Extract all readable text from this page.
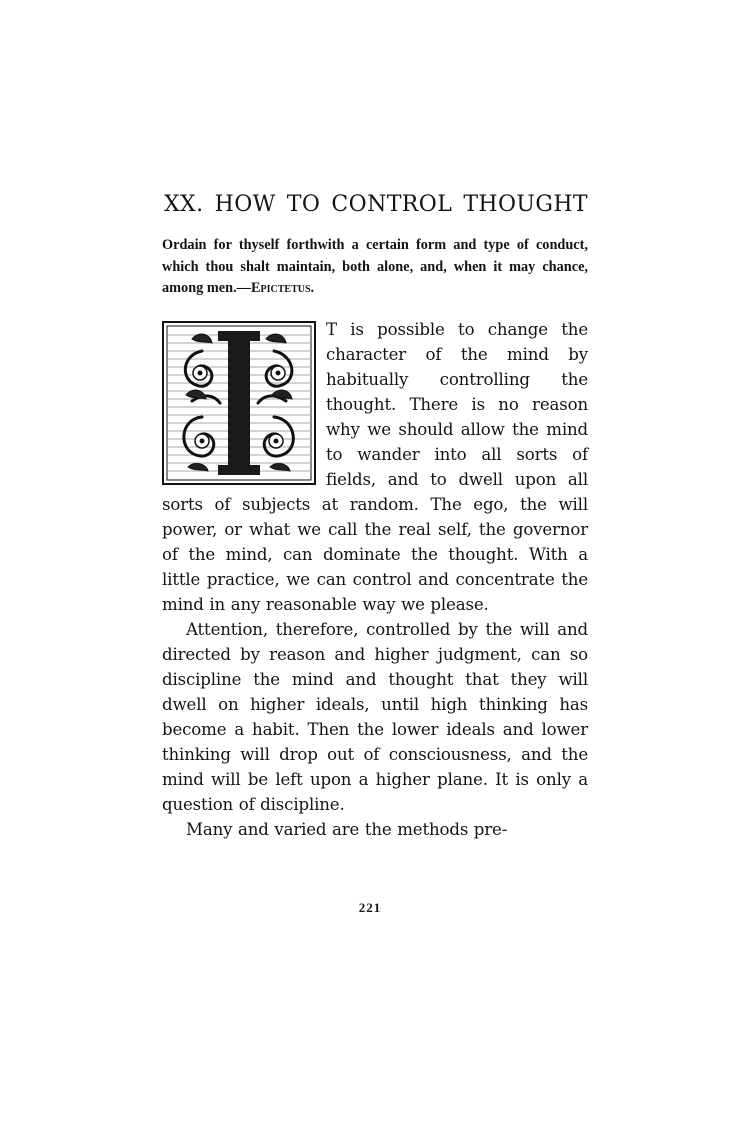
XX. HOW TO CONTROL THOUGHT

Ordain for thyself forthwith a certain form and type of conduct, which thou shalt maintain, both alone, and, when it may chance, among men.—Epictetus.

T is possible to change the character of the mind by habitually controlling the thought. There is no reason why we should allow the mind to wander into all sorts of fields, and to dwell upon all sorts of subjects at random. The ego, the will power, or what we call the real self, the governor of the mind, can dominate the thought. With a little practice, we can control and concentrate the mind in any reasonable way we please.

Attention, therefore, controlled by the will and directed by reason and higher judgment, can so discipline the mind and thought that they will dwell on higher ideals, until high thinking has become a habit. Then the lower ideals and lower thinking will drop out of consciousness, and the mind will be left upon a higher plane. It is only a question of discipline.

Many and varied are the methods pre-

221
